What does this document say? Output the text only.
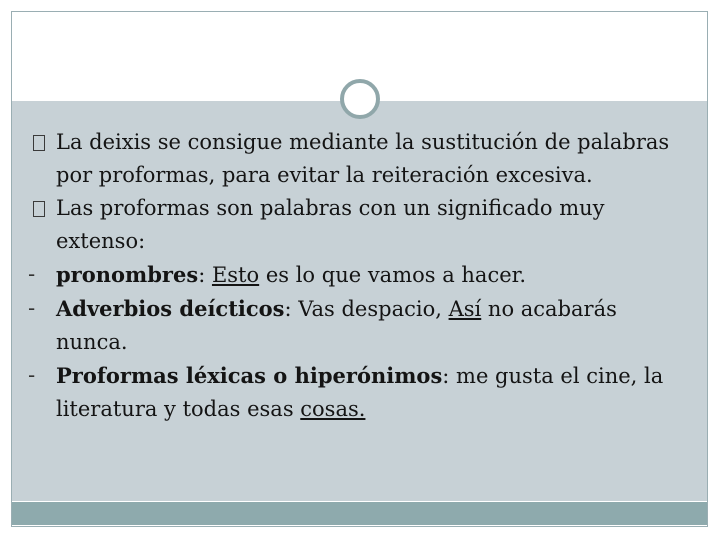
La deixis se consigue mediante la sustitución de palabras por proformas, para evitar la reiteración excesiva.
Las proformas son palabras con un significado muy extenso:
- pronombres: Esto es lo que vamos a hacer.
- Adverbios deícticos: Vas despacio, Así no acabarás nunca.
- Proformas léxicas o hiperónimos: me gusta el cine, la literatura y todas esas cosas.
